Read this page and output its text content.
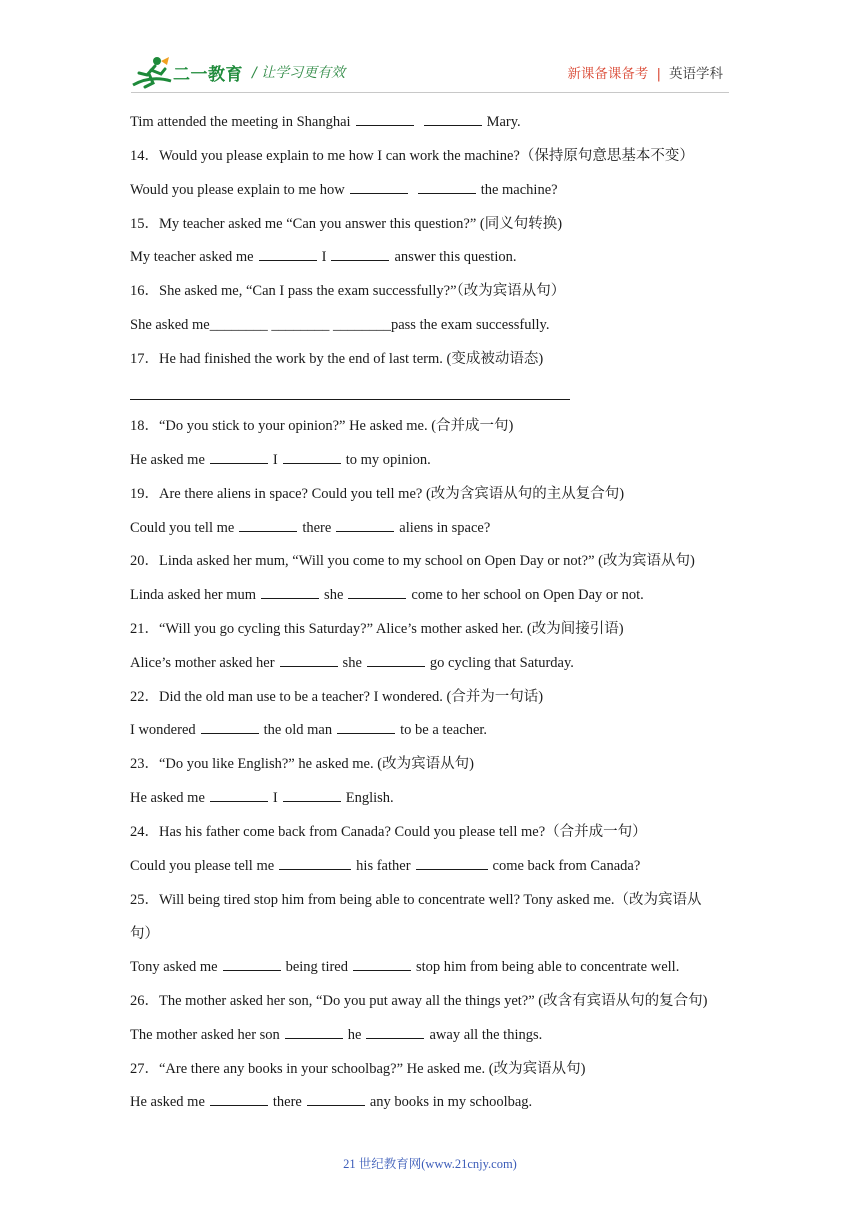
二一教育 / 让学习更有效	新课备课备考 | 英语学科
Tim attended the meeting in Shanghai	Mary.
14．Would you please explain to me how I can work the machine?（保持原句意思基本不变）
Would you please explain to me how	the machine?
15．My teacher asked me “Can you answer this question?” (同义句转换)
My teacher asked me	I	answer this question.
16．She asked me, “Can I pass the exam successfully?”（改为宾语从句）
She asked me________ ________ ________pass the exam successfully.
17．He had finished the work by the end of last term. (变成被动语态)
18．“Do you stick to your opinion?” He asked me. (合并成一句)
He asked me	I	to my opinion.
19．Are there aliens in space? Could you tell me? (改为含宾语从句的主从复合句)
Could you tell me	there	aliens in space?
20．Linda asked her mum, “Will you come to my school on Open Day or not?” (改为宾语从句)
Linda asked her mum	she	come to her school on Open Day or not.
21．“Will you go cycling this Saturday?” Alice’s mother asked her. (改为间接引语)
Alice’s mother asked her	she	go cycling that Saturday.
22．Did the old man use to be a teacher? I wondered. (合并为一句话)
I wondered	the old man	to be a teacher.
23．“Do you like English?” he asked me. (改为宾语从句)
He asked me	I	English.
24．Has his father come back from Canada? Could you please tell me?（合并成一句）
Could you please tell me	his father	come back from Canada?
25．Will being tired stop him from being able to concentrate well? Tony asked me.（改为宾语从
句）
Tony asked me	being tired	stop him from being able to concentrate well.
26．The mother asked her son, “Do you put away all the things yet?” (改含有宾语从句的复合句)
The mother asked her son	he	away all the things.
27．“Are there any books in your schoolbag?” He asked me. (改为宾语从句)
He asked me	there	any books in my schoolbag.
21 世纪教育网(www.21cnjy.com)
